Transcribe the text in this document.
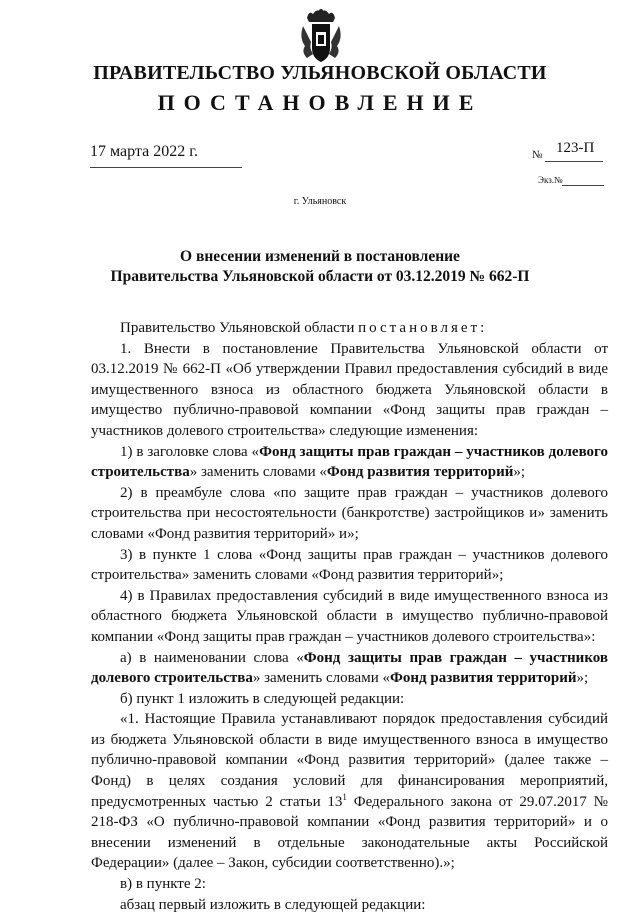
ПРАВИТЕЛЬСТВО УЛЬЯНОВСКОЙ ОБЛАСТИ
ПОСТАНОВЛЕНИЕ
17 марта 2022 г.	№ 123-П
Экз.№
г. Ульяновск
О внесении изменений в постановление
Правительства Ульяновской области от 03.12.2019 № 662-П

Правительство Ульяновской области постановляет:

1. Внести в постановление Правительства Ульяновской области от 03.12.2019 № 662-П «Об утверждении Правил предоставления субсидий в виде имущественного взноса из областного бюджета Ульяновской области в имущество публично-правовой компании «Фонд защиты прав граждан – участников долевого строительства» следующие изменения:

1) в заголовке слова «Фонд защиты прав граждан – участников долевого строительства» заменить словами «Фонд развития территорий»;

2) в преамбуле слова «по защите прав граждан – участников долевого строительства при несостоятельности (банкротстве) застройщиков и» заменить словами «Фонд развития территорий» и»;

3) в пункте 1 слова «Фонд защиты прав граждан – участников долевого строительства» заменить словами «Фонд развития территорий»;

4) в Правилах предоставления субсидий в виде имущественного взноса из областного бюджета Ульяновской области в имущество публично-правовой компании «Фонд защиты прав граждан – участников долевого строительства»:

а) в наименовании слова «Фонд защиты прав граждан – участников долевого строительства» заменить словами «Фонд развития территорий»;

б) пункт 1 изложить в следующей редакции:

«1. Настоящие Правила устанавливают порядок предоставления субсидий из бюджета Ульяновской области в виде имущественного взноса в имущество публично-правовой компании «Фонд развития территорий» (далее также – Фонд) в целях создания условий для финансирования мероприятий, предусмотренных частью 2 статьи $13^1$ Федерального закона от 29.07.2017 № 218-ФЗ «О публично-правовой компании «Фонд развития территорий» и о внесении изменений в отдельные законодательные акты Российской Федерации» (далее – Закон, субсидии соответственно).»;

в) в пункте 2:

абзац первый изложить в следующей редакции:
